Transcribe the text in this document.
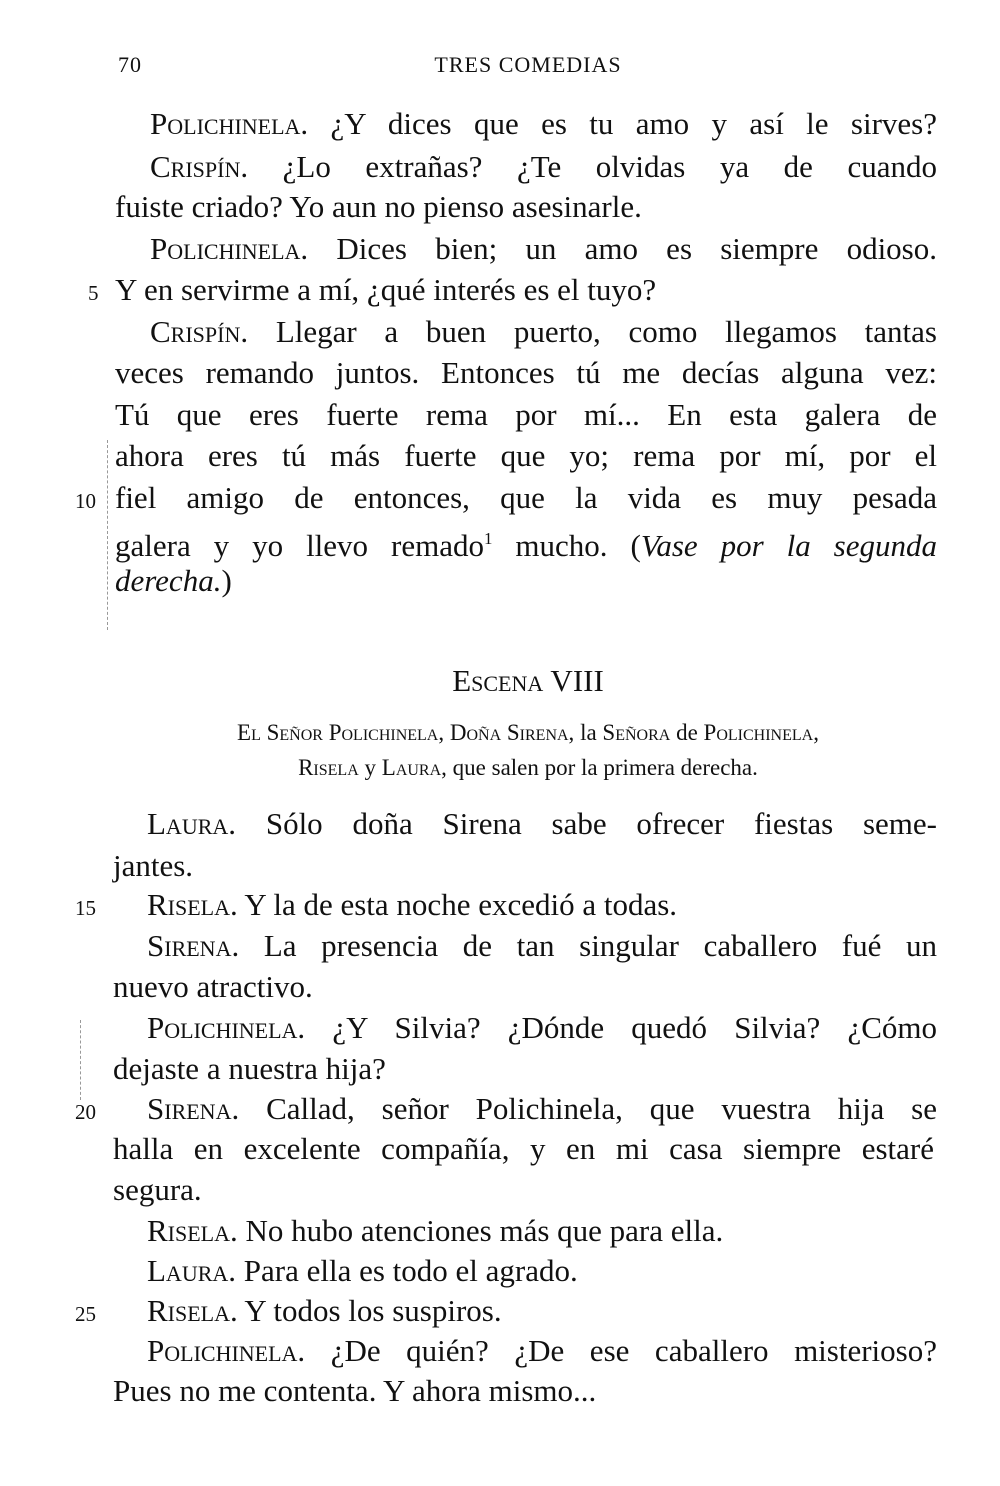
70	TRES COMEDIAS
Polichinela. ¿Y dices que es tu amo y así le sirves?
Crispín. ¿Lo extrañas? ¿Te olvidas ya de cuando
fuiste criado? Yo aun no pienso asesinarle.
Polichinela. Dices bien; un amo es siempre odioso.
Y en servirme a mí, ¿qué interés es el tuyo?
Crispín. Llegar a buen puerto, como llegamos tantas
veces remando juntos. Entonces tú me decías alguna vez:
Tú que eres fuerte rema por mí... En esta galera de
ahora eres tú más fuerte que yo; rema por mí, por el
fiel amigo de entonces, que la vida es muy pesada
galera y yo llevo remado$^1$ mucho. (Vase por la segunda
derecha.)
Laura. Sólo doña Sirena sabe ofrecer fiestas seme-
jantes.
Risela. Y la de esta noche excedió a todas.
Sirena. La presencia de tan singular caballero fué un
nuevo atractivo.
Polichinela. ¿Y Silvia? ¿Dónde quedó Silvia? ¿Cómo
dejaste a nuestra hija?
Sirena. Callad, señor Polichinela, que vuestra hija se
halla en excelente compañía, y en mi casa siempre estaré
segura.
Risela. No hubo atenciones más que para ella.
Laura. Para ella es todo el agrado.
Risela. Y todos los suspiros.
Polichinela. ¿De quién? ¿De ese caballero misterioso?
Pues no me contenta. Y ahora mismo...
Escena VIII
El Señor Polichinela, Doña Sirena, la Señora de Polichinela,
Risela y Laura, que salen por la primera derecha.
5
10
15
20
25
